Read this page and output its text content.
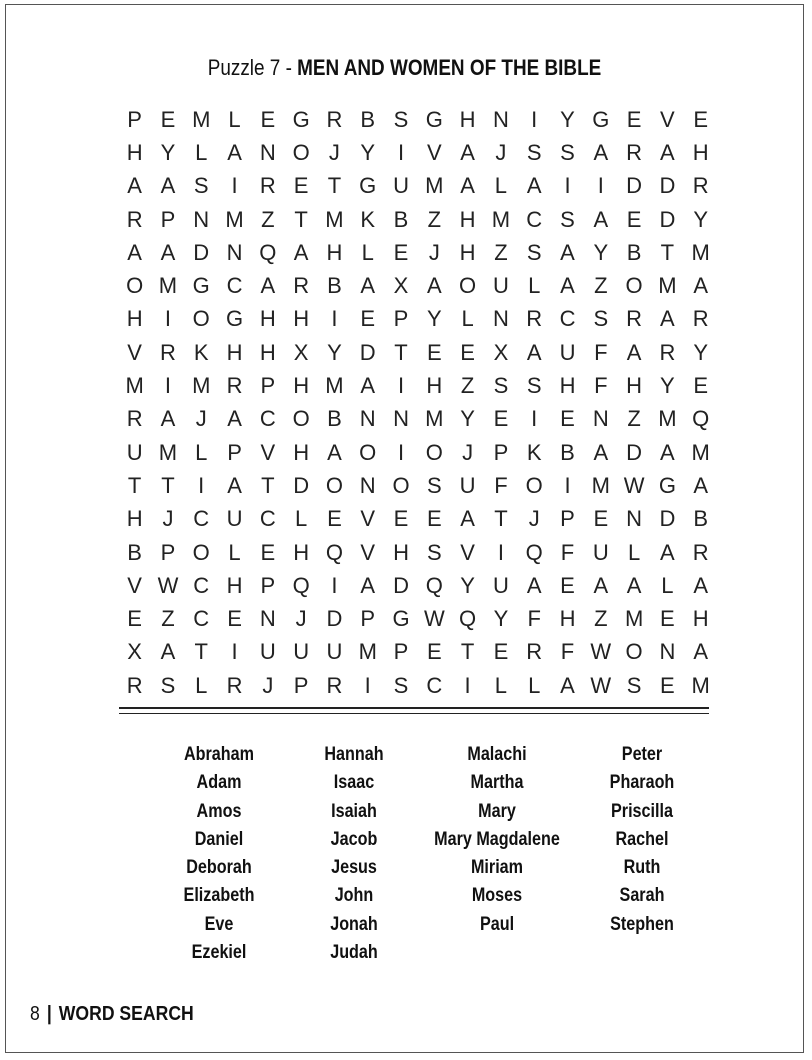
Puzzle 7 - MEN AND WOMEN OF THE BIBLE
P E M L E G R B S G H N	I	Y G E V E
H Y L A N O J Y	I	V A J S S A R A H
A A S	I	R E T G U M A L A	I	I	D D R
R P N M Z T M K B Z H M C S A E D Y
A A D N Q A H L E J H Z S A Y B T M
O M G C A R B A X A O U L A Z O M A
H	I O G H H	I	E P Y L N R C S R A R
V R K H H X Y D T E E X A U F A R Y
M I M R P H M A	I	H Z S S H F H Y E
R A J A C O B N N M Y E	I	E N Z M Q
U M L P V H A O I O J P K B A D A M
T T	I	A T D O N O S U F O I M W G A
H J C U C L E V E E A T J P E N D B
B P O L E H Q V H S V	I Q F U L A R
V W C H P Q I	A D Q Y U A E A A L A
E Z C E N J D P G W Q Y F H Z M E H
X A T	I	U U U M P E T E R F W O N A
R S L R J P R	I	S C	I	L L A W S E M
Abraham
Adam
Amos
Daniel
Deborah
Elizabeth
Eve
Ezekiel
Hannah
Isaac
Isaiah
Jacob
Jesus
John
Jonah
Judah
Malachi
Martha
Mary
Mary Magdalene
Miriam
Moses
Paul
Peter
Pharaoh
Priscilla
Rachel
Ruth
Sarah
Stephen
8 | WORD SEARCH
